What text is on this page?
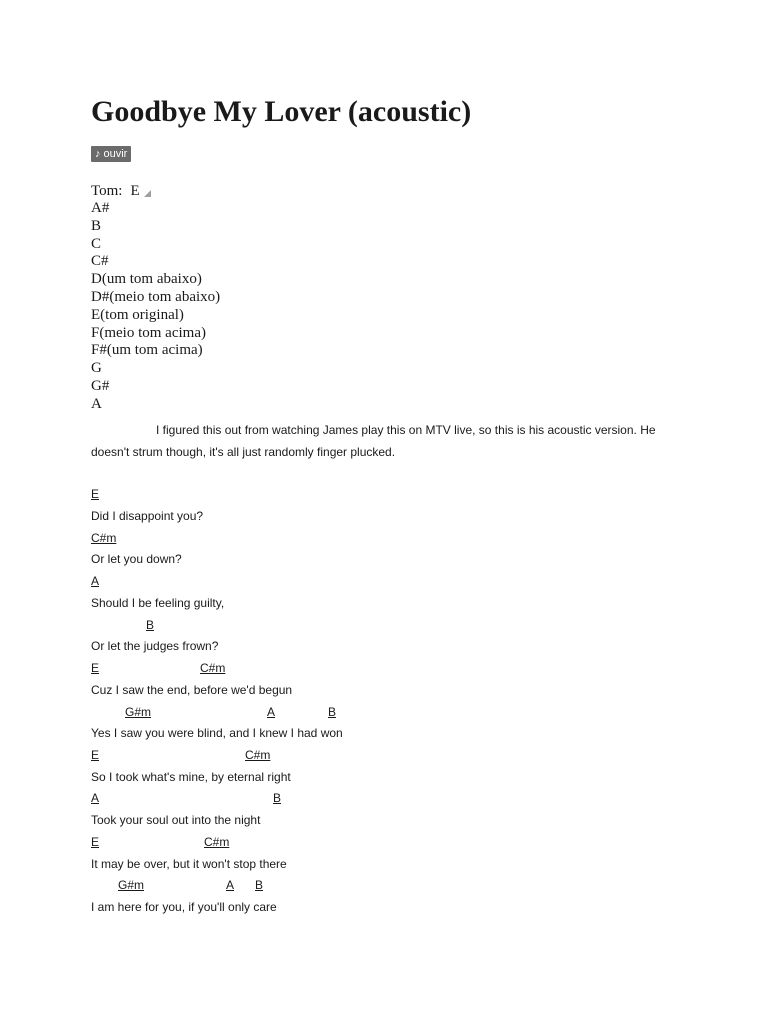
Goodbye My Lover (acoustic)
♪ ouvir
Tom: E
A#
B
C
C#
D(um tom abaixo)
D#(meio tom abaixo)
E(tom original)
F(meio tom acima)
F#(um tom acima)
G
G#
A

I figured this out from watching James play this on MTV live, so this is his acoustic version. He doesn't strum though, it's all just randomly finger plucked.

E
Did I disappoint you?
C#m
Or let you down?
A
Should I be feeling guilty,
B
Or let the judges frown?
E	C#m
Cuz I saw the end, before we'd begun
G#m	A	B
Yes I saw you were blind, and I knew I had won
E	C#m
So I took what's mine, by eternal right
A	B
Took your soul out into the night
E	C#m
It may be over, but it won't stop there
G#m	A B
I am here for you, if you'll only care
